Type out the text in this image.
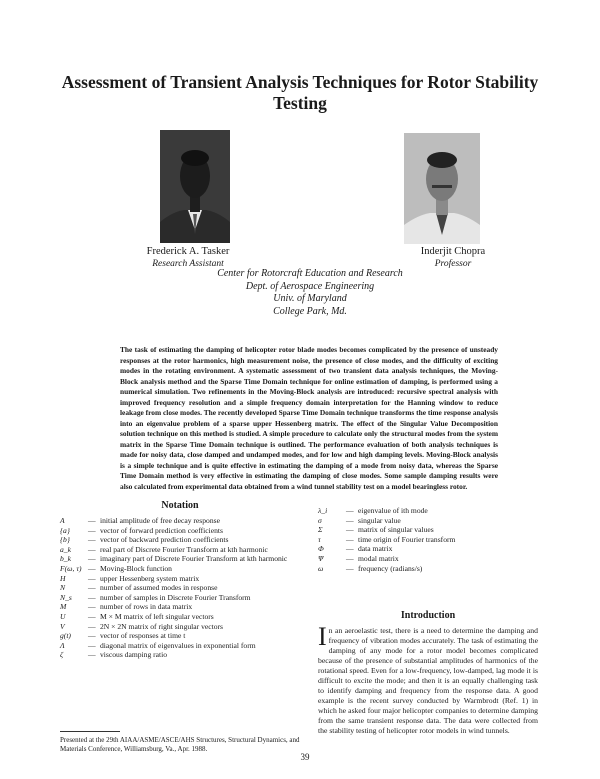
Assessment of Transient Analysis Techniques for Rotor Stability Testing
Frederick A. Tasker
Research Assistant
Inderjit Chopra
Professor
Center for Rotorcraft Education and Research
Dept. of Aerospace Engineering
Univ. of Maryland
College Park, Md.
The task of estimating the damping of helicopter rotor blade modes becomes complicated by the presence of unsteady responses at the rotor harmonics, high measurement noise, the presence of close modes, and the difficulty of exciting modes in the rotating environment. A systematic assessment of two transient data analysis techniques, the Moving-Block analysis method and the Sparse Time Domain technique for online estimation of damping, is performed using a numerical simulation. Two refinements in the Moving-Block analysis are introduced: recursive spectral analysis with improved frequency resolution and a simple frequency domain interpretation for the Hanning window to reduce leakage from close modes. The recently developed Sparse Time Domain technique transforms the time response analysis into an eigenvalue problem of a sparse upper Hessenberg matrix. The effect of the Singular Value Decomposition solution technique on this method is studied. A simple procedure to calculate only the structural modes from the system matrix in the Sparse Time Domain technique is outlined. The performance evaluation of both analysis techniques is made for noisy data, close damped and undamped modes, and for low and high damping levels. Moving-Block analysis is a simple technique and is quite effective in estimating the damping of a mode from noisy data, whereas the Sparse Time Domain method is very effective in estimating the damping of close modes. Some sample damping results were also calculated from experimental data obtained from a wind tunnel stability test on a model bearingless rotor.
Notation
A	— initial amplitude of free decay response
{a}	— vector of forward prediction coefficients
{b}	— vector of backward prediction coefficients
a_k	— real part of Discrete Fourier Transform at kth harmonic
b_k	— imaginary part of Discrete Fourier Transform at kth harmonic
F(ω, τ) — Moving-Block function
H	— upper Hessenberg system matrix
N	— number of assumed modes in response
N_s	— number of samples in Discrete Fourier Transform
M	— number of rows in data matrix
U	— M × M matrix of left singular vectors
V	— 2N × 2N matrix of right singular vectors
g(t)	— vector of responses at time t
Λ	— diagonal matrix of eigenvalues in exponential form
ζ	— viscous damping ratio
λ_i	— eigenvalue of ith mode
σ	— singular value
Σ	— matrix of singular values
τ	— time origin of Fourier transform
Φ	— data matrix
Ψ	— modal matrix
ω	— frequency (radians/s)
Introduction
In an aeroelastic test, there is a need to determine the damping and frequency of vibration modes accurately. The task of estimating the damping of any mode for a rotor model becomes complicated because of the presence of substantial amplitudes of harmonics of the rotational speed. Even for a low-frequency, low-damped, lag mode it is difficult to excite the mode; and then it is an equally challenging task to identify damping and frequency from the response data. A good example is the recent survey conducted by Warmbrodt (Ref. 1) in which he asked four major helicopter companies to determine damping from the same transient response data. The data were collected from the stability testing of helicopter rotor models in wind tunnels.
Presented at the 29th AIAA/ASME/ASCE/AHS Structures, Structural Dynamics, and Materials Conference, Williamsburg, Va., Apr. 1988.
39
